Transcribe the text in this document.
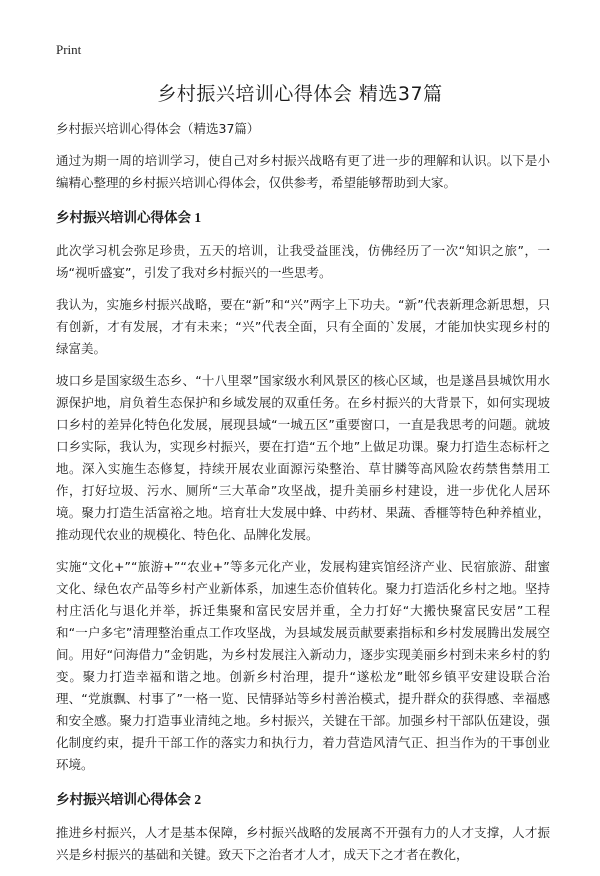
Print
乡村振兴培训心得体会 精选37篇
乡村振兴培训心得体会（精选37篇）

通过为期一周的培训学习，使自己对乡村振兴战略有更了进一步的理解和认识。以下是小编精心整理的乡村振兴培训心得体会，仅供参考，希望能够帮助到大家。

乡村振兴培训心得体会 1

此次学习机会弥足珍贵，五天的培训，让我受益匪浅，仿佛经历了一次“知识之旅”，一场“视听盛宴”，引发了我对乡村振兴的一些思考。

我认为，实施乡村振兴战略，要在“新”和“兴”两字上下功夫。“新”代表新理念新思想，只有创新，才有发展，才有未来；“兴”代表全面，只有全面的`发展，才能加快实现乡村的绿富美。

坡口乡是国家级生态乡、“十八里翠”国家级水利风景区的核心区域，也是遂昌县城饮用水源保护地，肩负着生态保护和乡域发展的双重任务。在乡村振兴的大背景下，如何实现坡口乡村的差异化特色化发展，展现县域“一城五区”重要窗口，一直是我思考的问题。就坡口乡实际，我认为，实现乡村振兴，要在打造“五个地”上做足功课。聚力打造生态标杆之地。深入实施生态修复，持续开展农业面源污染整治、草甘膦等高风险农药禁售禁用工作，打好垃圾、污水、厕所“三大革命”攻坚战，提升美丽乡村建设，进一步优化人居环境。聚力打造生活富裕之地。培育壮大发展中蜂、中药材、果蔬、香榧等特色种养植业，推动现代农业的规模化、特色化、品牌化发展。

实施“文化+”“旅游+”“农业+”等多元化产业，发展构建宾馆经济产业、民宿旅游、甜蜜文化、绿色农产品等乡村产业新体系，加速生态价值转化。聚力打造活化乡村之地。坚持村庄活化与退化并举，拆迁集聚和富民安居并重，全力打好“大搬快聚富民安居”工程和“一户多宅”清理整治重点工作攻坚战，为县域发展贡献要素指标和乡村发展腾出发展空间。用好“问海借力”金钥匙，为乡村发展注入新动力，逐步实现美丽乡村到未来乡村的豹变。聚力打造幸福和谐之地。创新乡村治理，提升“遂松龙”毗邻乡镇平安建设联合治理、“党旗飘、村事了”一格一览、民情驿站等乡村善治模式，提升群众的获得感、幸福感和安全感。聚力打造事业清纯之地。乡村振兴，关键在干部。加强乡村干部队伍建设，强化制度约束，提升干部工作的落实力和执行力，着力营造风清气正、担当作为的干事创业环境。

乡村振兴培训心得体会 2

推进乡村振兴，人才是基本保障，乡村振兴战略的发展离不开强有力的人才支撑，人才振兴是乡村振兴的基础和关键。致天下之治者才人才，成天下之才者在教化，
